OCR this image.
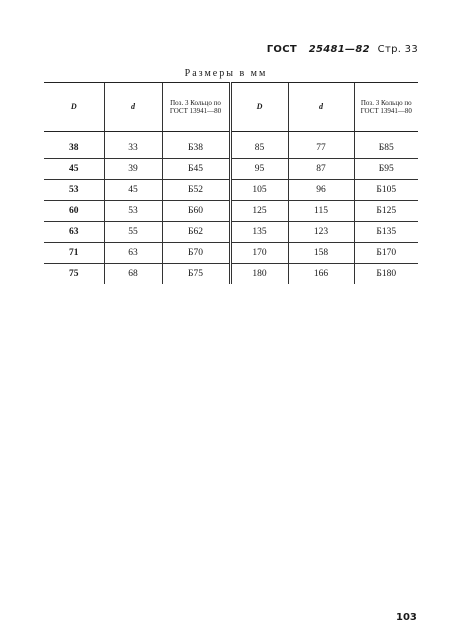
ГОСТ 25481—82 Стр. 33
Размеры в мм
D	d	Поз. 3 Кольцо по ГОСТ 13941—80	D	d	Поз. 3 Кольцо по ГОСТ 13941—80

38	33	Б38	85	77	Б85
45	39	Б45	95	87	Б95
53	45	Б52	105	96	Б105
60	53	Б60	125	115	Б125
63	55	Б62	135	123	Б135
71	63	Б70	170	158	Б170
75	68	Б75	180	166	Б180
103
